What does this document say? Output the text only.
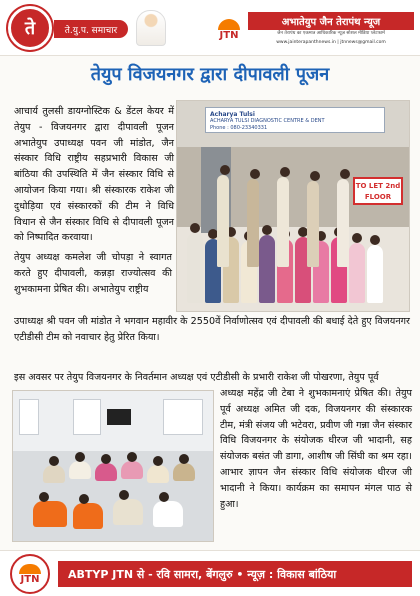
ते	ते.यु.प. समाचार	JTN
अभातेयुप जैन तेरापंथ न्यूज
जैन तेरापंथ का एकमात्र आधिकारिक न्यूज़ सोशल मीडिया प्लेटफार्म
www.jainterapanthnews.in | jtnnews@gmail.com
तेयुप विजयनगर द्वारा दीपावली पूजन
आचार्य तुलसी डायग्नोस्टिक & डेंटल केयर में तेयुप - विजयनगर द्वारा दीपावली पूजन अभातेयुप उपाध्यक्ष पवन जी मांडोत, जैन संस्कार विधि राष्ट्रीय सहप्रभारी विकास जी बांठिया की उपस्थिति में जैन संस्कार विधि से आयोजन किया गया। श्री संस्कारक राकेश जी दुधोड़िया एवं संस्कारकों की टीम ने विधि विधान से जैन संस्कार विधि से दीपावली पूजन को निष्पादित करवाया।
Acharya Tulsi
ACHARYA TULSI DIAGNOSTIC CENTRE & DENT
Phone : 080-23340331
TO LET 2nd FLOOR
तेयुप अध्यक्ष कमलेश जी चोपड़ा ने स्वागत करते हुए दीपावली, कन्नड़ा राज्योत्सव की शुभकामना प्रेषित की। अभातेयुप राष्ट्रीय
उपाध्यक्ष श्री पवन जी मांडोत ने भगवान महावीर के 2550वें निर्वाणोत्सव एवं दीपावली की बधाई देते हुए विजयनगर एटीडीसी टीम को नवाचार हेतु प्रेरित किया।
इस अवसर पर तेयुप विजयनगर के निवर्तमान अध्यक्ष एवं एटीडीसी के प्रभारी राकेश जी पोखरणा, तेयुप पूर्व
अध्यक्ष महेंद्र जी टेबा ने शुभकामनाएं प्रेषित की। तेयुप पूर्व अध्यक्ष अमित जी दक, विजयनगर की संस्कारक टीम, मंत्री संजय जी भटेवरा, प्रवीण जी गन्ना जैन संस्कार विधि विजयनगर के संयोजक धीरज जी भादानी, सह संयोजक बसंत जी डागा, आशीष जी सिंघी का श्रम रहा। आभार ज्ञापन जैन संस्कार विधि संयोजक धीरज जी भादानी ने किया। कार्यक्रम का समापन मंगल पाठ से हुआ।
JTN	ABTYP JTN से - रवि सामरा, बेंगलुरु • न्यूज़ : विकास बांठिया
